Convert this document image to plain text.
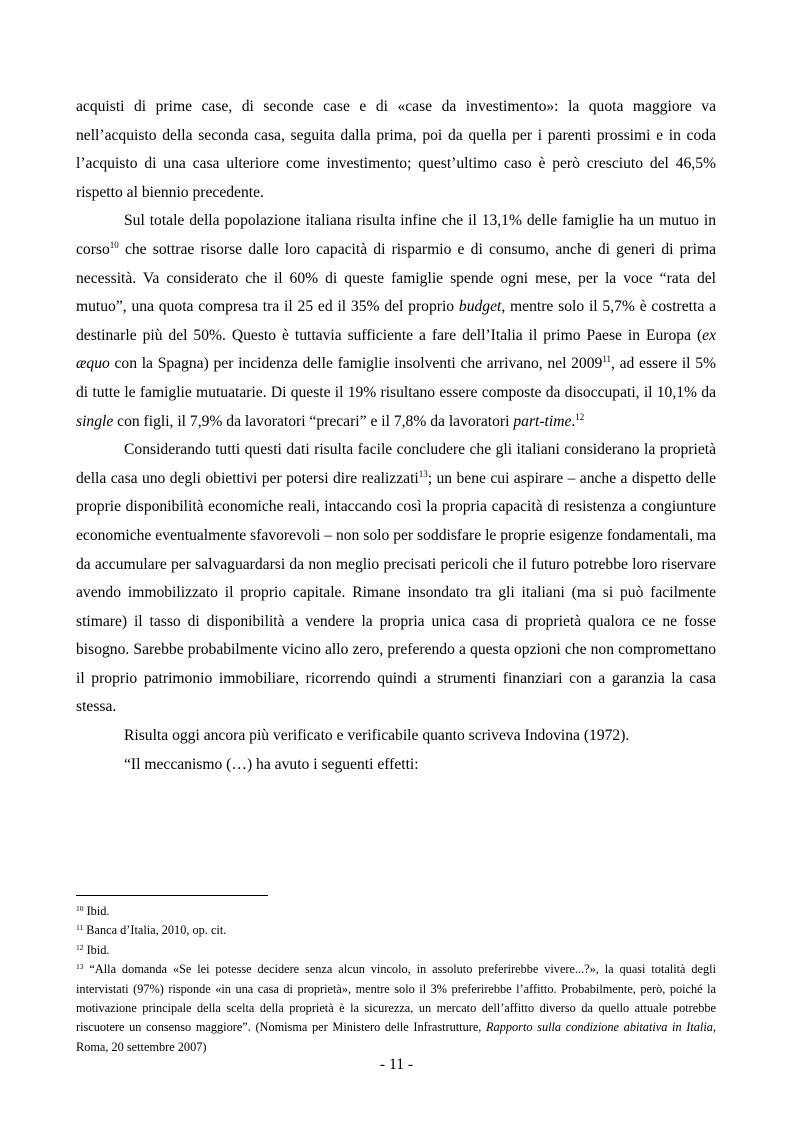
acquisti di prime case, di seconde case e di «case da investimento»: la quota maggiore va nell’acquisto della seconda casa, seguita dalla prima, poi da quella per i parenti prossimi e in coda l’acquisto di una casa ulteriore come investimento; quest’ultimo caso è però cresciuto del 46,5% rispetto al biennio precedente.

Sul totale della popolazione italiana risulta infine che il 13,1% delle famiglie ha un mutuo in corso$^{10}$ che sottrae risorse dalle loro capacità di risparmio e di consumo, anche di generi di prima necessità. Va considerato che il 60% di queste famiglie spende ogni mese, per la voce “rata del mutuo”, una quota compresa tra il 25 ed il 35% del proprio budget, mentre solo il 5,7% è costretta a destinarle più del 50%. Questo è tuttavia sufficiente a fare dell’Italia il primo Paese in Europa (ex æquo con la Spagna) per incidenza delle famiglie insolventi che arrivano, nel 2009$^{11}$, ad essere il 5% di tutte le famiglie mutuatarie. Di queste il 19% risultano essere composte da disoccupati, il 10,1% da single con figli, il 7,9% da lavoratori “precari” e il 7,8% da lavoratori part-time.$^{12}$

Considerando tutti questi dati risulta facile concludere che gli italiani considerano la proprietà della casa uno degli obiettivi per potersi dire realizzati$^{13}$; un bene cui aspirare – anche a dispetto delle proprie disponibilità economiche reali, intaccando così la propria capacità di resistenza a congiunture economiche eventualmente sfavorevoli – non solo per soddisfare le proprie esigenze fondamentali, ma da accumulare per salvaguardarsi da non meglio precisati pericoli che il futuro potrebbe loro riservare avendo immobilizzato il proprio capitale. Rimane insondato tra gli italiani (ma si può facilmente stimare) il tasso di disponibilità a vendere la propria unica casa di proprietà qualora ce ne fosse bisogno. Sarebbe probabilmente vicino allo zero, preferendo a questa opzioni che non compromettano il proprio patrimonio immobiliare, ricorrendo quindi a strumenti finanziari con a garanzia la casa stessa.

Risulta oggi ancora più verificato e verificabile quanto scriveva Indovina (1972).

“Il meccanismo (…) ha avuto i seguenti effetti:

$^{10}$ Ibid.

$^{11}$ Banca d’Italia, 2010, op. cit.

$^{12}$ Ibid.

$^{13}$ “Alla domanda «Se lei potesse decidere senza alcun vincolo, in assoluto preferirebbe vivere...?», la quasi totalità degli intervistati (97%) risponde «in una casa di proprietà», mentre solo il 3% preferirebbe l’affitto. Probabilmente, però, poiché la motivazione principale della scelta della proprietà è la sicurezza, un mercato dell’affitto diverso da quello attuale potrebbe riscuotere un consenso maggiore”. (Nomisma per Ministero delle Infrastrutture, Rapporto sulla condizione abitativa in Italia, Roma, 20 settembre 2007)

- 11 -
